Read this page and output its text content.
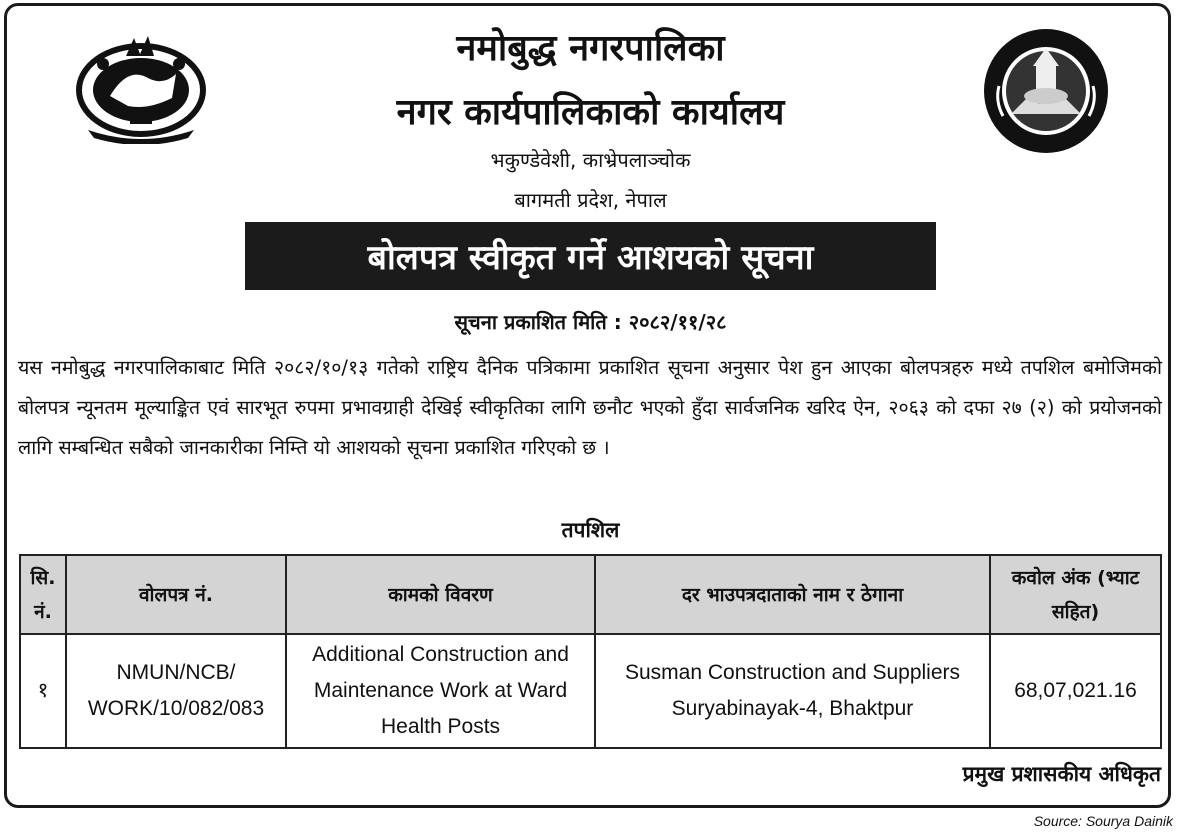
नमोबुद्ध नगरपालिका
नगर कार्यपालिकाको कार्यालय
भकुण्डेवेशी, काभ्रेपलाञ्चोक
बागमती प्रदेश, नेपाल
बोलपत्र स्वीकृत गर्ने आशयको सूचना
सूचना प्रकाशित मिति : २०८२/११/२८

यस नमोबुद्ध नगरपालिकाबाट मिति २०८२/१०/१३ गतेको राष्ट्रिय दैनिक पत्रिकामा प्रकाशित सूचना अनुसार पेश हुन आएका बोलपत्रहरु मध्ये तपशिल बमोजिमको बोलपत्र न्यूनतम मूल्याङ्कित एवं सारभूत रुपमा प्रभावग्राही देखिई स्वीकृतिका लागि छनौट भएको हुँदा सार्वजनिक खरिद ऐन, २०६३ को दफा २७ (२) को प्रयोजनको लागि सम्बन्धित सबैको जानकारीका निम्ति यो आशयको सूचना प्रकाशित गरिएको छ ।

तपशिल
सि. नं.	वोलपत्र नं.	कामको विवरण	दर भाउपत्रदाताको नाम र ठेगाना	कवोल अंक (भ्याट सहित)
१	NMUN/NCB/ WORK/10/082/083	Additional Construction and Maintenance Work at Ward Health Posts	Susman Construction and Suppliers Suryabinayak-4, Bhaktpur	68,07,021.16
प्रमुख प्रशासकीय अधिकृत
Source: Sourya Dainik
